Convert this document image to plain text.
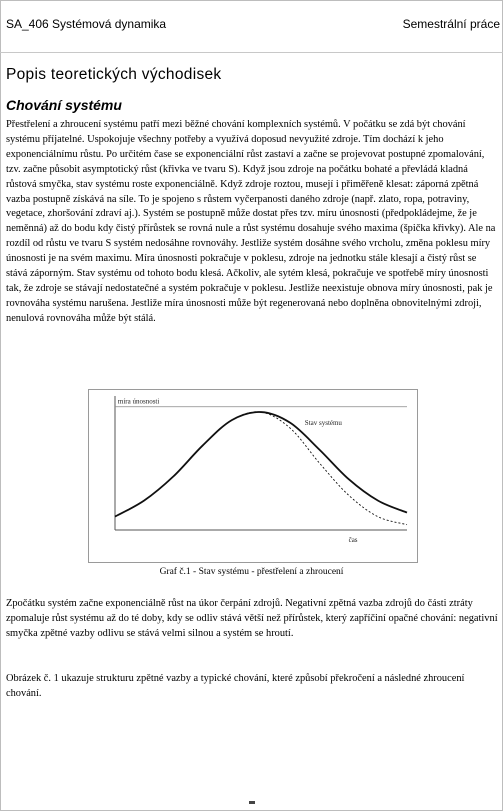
SA_406 Systémová dynamika	Semestrální práce
Popis teoretických východisek
Chování systému
Přestřelení a zhroucení systému patří mezi běžné chování komplexních systémů. V počátku se zdá být chování systému příjatelné. Uspokojuje všechny potřeby a využívá doposud nevyužité zdroje. Tím dochází k jeho exponenciálnímu růstu. Po určitém čase se exponenciální růst zastaví a začne se projevovat postupné zpomalování, tzv. začne působit asymptotický růst (křivka ve tvaru S). Když jsou zdroje na počátku bohaté a převládá kladná růstová smyčka, stav systému roste exponenciálně. Když zdroje roztou, musejí i přiměřeně klesat: záporná zpětná vazba postupně získává na síle. To je spojeno s růstem vyčerpanosti daného zdroje (např. zlato, ropa, potraviny, vegetace, zhoršování zdraví aj.). Systém se postupně může dostat přes tzv. míru únosnosti (předpokládejme, že je neměnná) až do bodu kdy čistý přírůstek se rovná nule a růst systému dosahuje svého maxima (špička křivky). Ale na rozdíl od růstu ve tvaru S systém nedosáhne rovnováhy. Jestliže systém dosáhne svého vrcholu, změna poklesu míry únosnosti je na svém maximu. Míra únosnosti pokračuje v poklesu, zdroje na jednotku stále klesají a čistý růst se stává záporným. Stav systému od tohoto bodu klesá. Ačkoliv, ale sytém klesá, pokračuje ve spotřebě míry únosnosti tak, že zdroje se stávají nedostatečné a systém pokračuje v poklesu. Jestliže neexistuje obnova míry únosnosti, pak je rovnováha systému narušena. Jestliže míra únosnosti může být regenerovaná nebo doplněna obnovitelnými zdroji, nenulová rovnováha může být stálá.
míra únosnosti
Stav systému
čas
Graf č.1 - Stav systému - přestřelení a zhroucení
Zpočátku systém začne exponenciálně růst na úkor čerpání zdrojů. Negativní zpětná vazba zdrojů do části ztráty zpomaluje růst systému až do té doby, kdy se odliv stává větší než přírůstek, který zapříčiní opačné chování: negativní smyčka zpětné vazby odlivu se stává velmi silnou a systém se hroutí.
Obrázek č. 1 ukazuje strukturu zpětné vazby a typické chování, které způsobí překročení a následné zhroucení chování.
